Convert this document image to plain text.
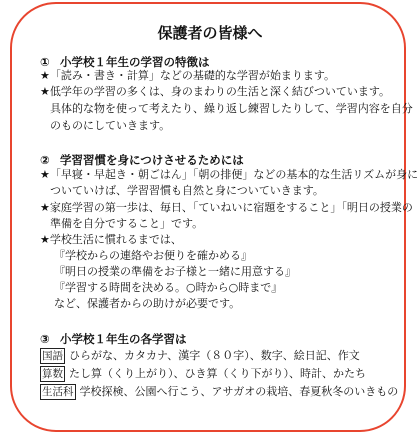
保護者の皆様へ
① 小学校１年生の学習の特徴は
★「読み・書き・計算」などの基礎的な学習が始まります。
★低学年の学習の多くは、身のまわりの生活と深く結びついています。
具体的な物を使って考えたり、繰り返し練習したりして、学習内容を自分
のものにしていきます。
② 学習習慣を身につけさせるためには
★「早寝・早起き・朝ごはん」「朝の排便」などの基本的な生活リズムが身に
ついていけば、学習習慣も自然と身についていきます。
★家庭学習の第一歩は、毎日、「ていねいに宿題をすること」「明日の授業の
準備を自分ですること」です。
★学校生活に慣れるまでは、
『学校からの連絡やお便りを確かめる』
『明日の授業の準備をお子様と一緒に用意する』
『学習する時間を決める。○時から○時まで』
など、保護者からの助けが必要です。
③ 小学校１年生の各学習は
国語 ひらがな、カタカナ、漢字（８０字）、数字、絵日記、作文
算数 たし算（くり上がり）、ひき算（くり下がり）、時計、かたち
生活科 学校探検、公園へ行こう、アサガオの栽培、春夏秋冬のいきもの
